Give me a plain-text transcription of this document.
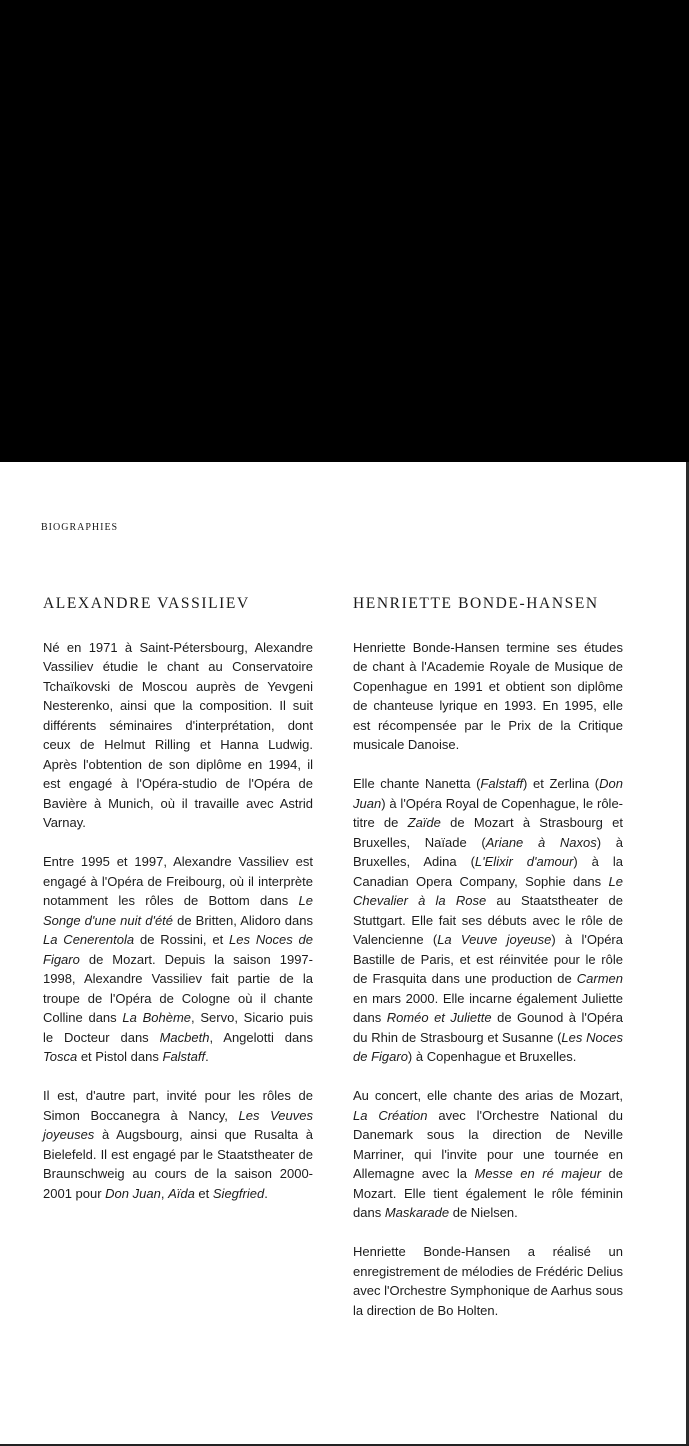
BIOGRAPHIES
ALEXANDRE VASSILIEV

Né en 1971 à Saint-Pétersbourg, Alexandre Vassiliev étudie le chant au Conservatoire Tchaïkovski de Moscou auprès de Yevgeni Nesterenko, ainsi que la composition. Il suit différents séminaires d'interprétation, dont ceux de Helmut Rilling et Hanna Ludwig. Après l'obtention de son diplôme en 1994, il est engagé à l'Opéra-studio de l'Opéra de Bavière à Munich, où il travaille avec Astrid Varnay.

Entre 1995 et 1997, Alexandre Vassiliev est engagé à l'Opéra de Freibourg, où il interprète notamment les rôles de Bottom dans Le Songe d'une nuit d'été de Britten, Alidoro dans La Cenerentola de Rossini, et Les Noces de Figaro de Mozart. Depuis la saison 1997-1998, Alexandre Vassiliev fait partie de la troupe de l'Opéra de Cologne où il chante Colline dans La Bohème, Servo, Sicario puis le Docteur dans Macbeth, Angelotti dans Tosca et Pistol dans Falstaff.

Il est, d'autre part, invité pour les rôles de Simon Boccanegra à Nancy, Les Veuves joyeuses à Augsbourg, ainsi que Rusalta à Bielefeld. Il est engagé par le Staatstheater de Braunschweig au cours de la saison 2000-2001 pour Don Juan, Aïda et Siegfried.

HENRIETTE BONDE-HANSEN

Henriette Bonde-Hansen termine ses études de chant à l'Academie Royale de Musique de Copenhague en 1991 et obtient son diplôme de chanteuse lyrique en 1993. En 1995, elle est récompensée par le Prix de la Critique musicale Danoise.

Elle chante Nanetta (Falstaff) et Zerlina (Don Juan) à l'Opéra Royal de Copenhague, le rôle-titre de Zaïde de Mozart à Strasbourg et Bruxelles, Naïade (Ariane à Naxos) à Bruxelles, Adina (L'Elixir d'amour) à la Canadian Opera Company, Sophie dans Le Chevalier à la Rose au Staatstheater de Stuttgart. Elle fait ses débuts avec le rôle de Valencienne (La Veuve joyeuse) à l'Opéra Bastille de Paris, et est réinvitée pour le rôle de Frasquita dans une production de Carmen en mars 2000. Elle incarne également Juliette dans Roméo et Juliette de Gounod à l'Opéra du Rhin de Strasbourg et Susanne (Les Noces de Figaro) à Copenhague et Bruxelles.

Au concert, elle chante des arias de Mozart, La Création avec l'Orchestre National du Danemark sous la direction de Neville Marriner, qui l'invite pour une tournée en Allemagne avec la Messe en ré majeur de Mozart. Elle tient également le rôle féminin dans Maskarade de Nielsen.

Henriette Bonde-Hansen a réalisé un enregistrement de mélodies de Frédéric Delius avec l'Orchestre Symphonique de Aarhus sous la direction de Bo Holten.
